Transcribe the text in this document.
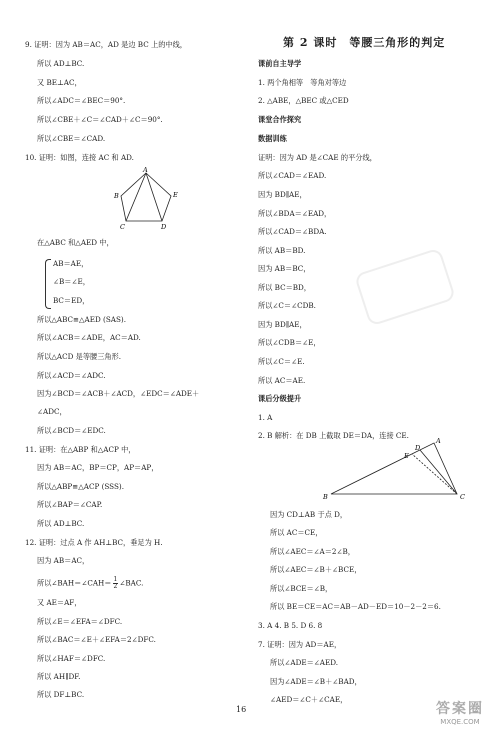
9. 证明：因为 AB＝AC，AD 是边 BC 上的中线，
所以 AD⊥BC.
又 BE⊥AC，
所以∠ADC＝∠BEC＝90°.
所以∠CBE＋∠C＝∠CAD＋∠C＝90°.
所以∠CBE＝∠CAD.
10. 证明：如图，连接 AC 和 AD.
A
B
C	D
E
在△ABC 和△AED 中，
AB＝AE，
∠B＝∠E，
BC＝ED，
所以△ABC≌△AED (SAS).
所以∠ACB＝∠ADE，AC＝AD.
所以△ACD 是等腰三角形.
所以∠ACD＝∠ADC.
因为∠BCD＝∠ACB＋∠ACD，∠EDC＝∠ADE＋
∠ADC，
所以∠BCD＝∠EDC.
11. 证明：在△ABP 和△ACP 中，
因为 AB＝AC，BP＝CP，AP＝AP，
所以△ABP≌△ACP (SSS).
所以∠BAP＝∠CAP.
所以 AD⊥BC.
12. 证明：过点 A 作 AH⊥BC，垂足为 H.
因为 AB＝AC，
所以∠BAH＝∠CAH＝ $\frac{1}{2}$ ∠BAC.
又 AE＝AF，
所以∠E＝∠EFA＝∠DFC.
所以∠BAC＝∠E＋∠EFA＝2∠DFC.
所以∠HAF＝∠DFC.
所以 AH∥DF.
所以 DF⊥BC.
第 2 课时　等腰三角形的判定
课前自主导学
1. 两个角相等　等角对等边
2. △ABE，△BEC 或△CED
课堂合作探究
数据训练
证明：因为 AD 是∠CAE 的平分线，
所以∠CAD＝∠EAD.
因为 BD∥AE，
所以∠BDA＝∠EAD，
所以∠CAD＝∠BDA.
所以 AB＝BD.
因为 AB＝BC，
所以 BC＝BD，
所以∠C＝∠CDB.
因为 BD∥AE，
所以∠CDB＝∠E，
所以∠C＝∠E.
所以 AC＝AE.
课后分级提升
1. A
2. B 解析：在 DB 上截取 DE＝DA，连接 CE.
A
B	C
D
E
因为 CD⊥AB 于点 D，
所以 AC＝CE，
所以∠AEC＝∠A＝2∠B，
所以∠AEC＝∠B＋∠BCE，
所以∠BCE＝∠B，
所以 BE＝CE＝AC＝AB－AD－ED＝10－2－2＝6.
3. A 4. B 5. D 6. 8
7. 证明：因为 AD＝AE，
所以∠ADE＝∠AED.
因为∠ADE＝∠B＋∠BAD，
∠AED＝∠C＋∠CAE，
16	答案圈
MXQE.COM
